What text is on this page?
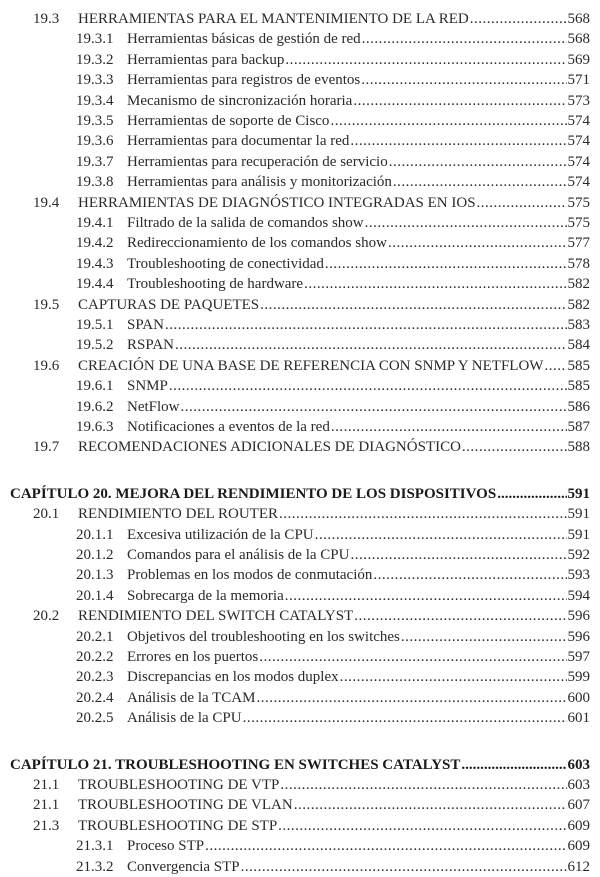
19.3	HERRAMIENTAS PARA EL MANTENIMIENTO DE LA RED .....	568
19.3.1 Herramientas básicas de gestión de red .....	568
19.3.2 Herramientas para backup .....	569
19.3.3 Herramientas para registros de eventos .....	571
19.3.4 Mecanismo de sincronización horaria .....	573
19.3.5 Herramientas de soporte de Cisco .....	574
19.3.6 Herramientas para documentar la red .....	574
19.3.7 Herramientas para recuperación de servicio .....	574
19.3.8 Herramientas para análisis y monitorización .....	574
19.4	HERRAMIENTAS DE DIAGNÓSTICO INTEGRADAS EN IOS .....	575
19.4.1 Filtrado de la salida de comandos show .....	575
19.4.2 Redireccionamiento de los comandos show .....	577
19.4.3 Troubleshooting de conectividad .....	578
19.4.4 Troubleshooting de hardware .....	582
19.5	CAPTURAS DE PAQUETES .....	582
19.5.1 SPAN .....	583
19.5.2 RSPAN .....	584
19.6	CREACIÓN DE UNA BASE DE REFERENCIA CON SNMP Y NETFLOW ..... 585
19.6.1 SNMP .....	585
19.6.2 NetFlow .....	586
19.6.3 Notificaciones a eventos de la red .....	587
19.7	RECOMENDACIONES ADICIONALES DE DIAGNÓSTICO .....	588
CAPÍTULO 20. MEJORA DEL RENDIMIENTO DE LOS DISPOSITIVOS .....	591
20.1	RENDIMIENTO DEL ROUTER .....	591
20.1.1 Excesiva utilización de la CPU .....	591
20.1.2 Comandos para el análisis de la CPU .....	592
20.1.3 Problemas en los modos de conmutación .....	593
20.1.4 Sobrecarga de la memoria .....	594
20.2	RENDIMIENTO DEL SWITCH CATALYST .....	596
20.2.1 Objetivos del troubleshooting en los switches .....	596
20.2.2 Errores en los puertos .....	597
20.2.3 Discrepancias en los modos duplex .....	599
20.2.4 Análisis de la TCAM .....	600
20.2.5 Análisis de la CPU .....	601
CAPÍTULO 21. TROUBLESHOOTING EN SWITCHES CATALYST .....	603
21.1	TROUBLESHOOTING DE VTP .....	603
21.1	TROUBLESHOOTING DE VLAN .....	607
21.3	TROUBLESHOOTING DE STP .....	609
21.3.1 Proceso STP .....	609
21.3.2 Convergencia STP .....	612
